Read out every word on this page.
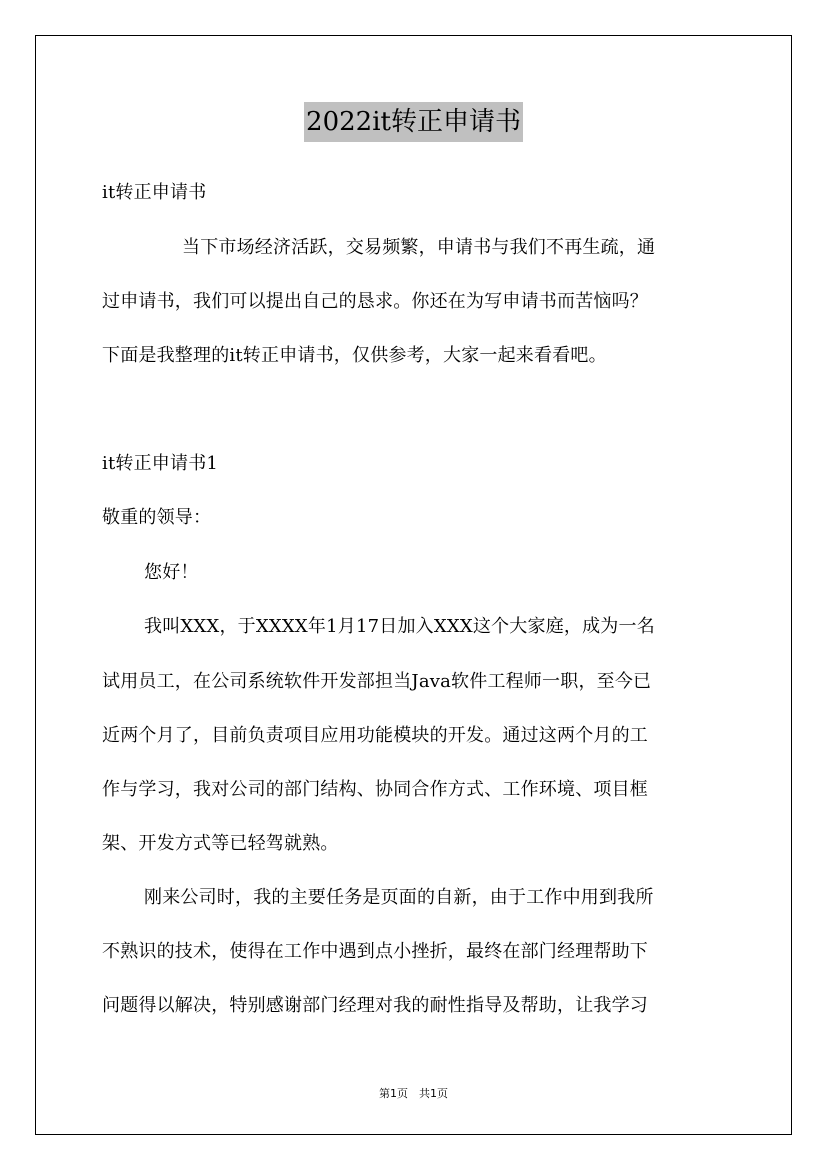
2022it转正申请书
it转正申请书
当下市场经济活跃，交易频繁，申请书与我们不再生疏，通
过申请书，我们可以提出自己的恳求。你还在为写申请书而苦恼吗？
下面是我整理的it转正申请书，仅供参考，大家一起来看看吧。
it转正申请书1
敬重的领导：
您好！
我叫XXX，于XXXX年1月17日加入XXX这个大家庭，成为一名
试用员工，在公司系统软件开发部担当Java软件工程师一职，至今已
近两个月了，目前负责项目应用功能模块的开发。通过这两个月的工
作与学习，我对公司的部门结构、协同合作方式、工作环境、项目框
架、开发方式等已轻驾就熟。
刚来公司时，我的主要任务是页面的自新，由于工作中用到我所
不熟识的技术，使得在工作中遇到点小挫折，最终在部门经理帮助下
问题得以解决，特别感谢部门经理对我的耐性指导及帮助，让我学习
第1页　共1页
